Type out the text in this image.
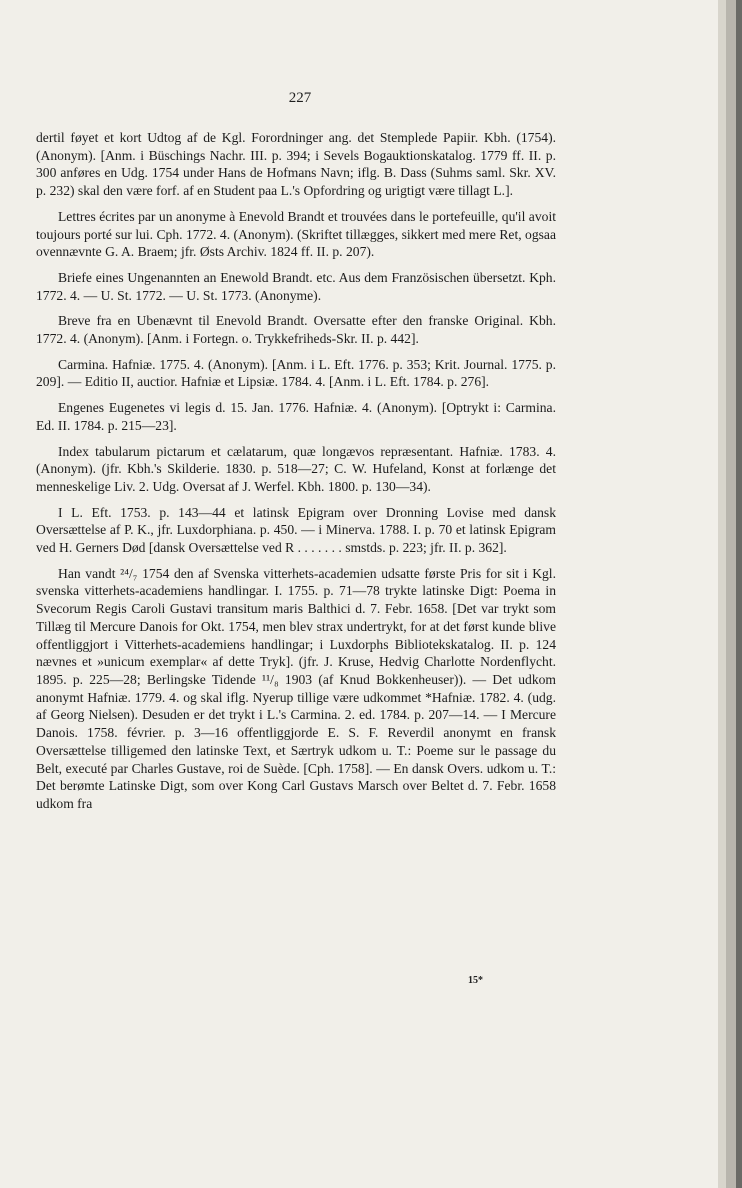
227

dertil føyet et kort Udtog af de Kgl. Forordninger ang. det Stemplede Papiir. Kbh. (1754). (Anonym). [Anm. i Büschings Nachr. III. p. 394; i Sevels Bogauktionskatalog. 1779 ff. II. p. 300 anføres en Udg. 1754 under Hans de Hofmans Navn; iflg. B. Dass (Suhms saml. Skr. XV. p. 232) skal den være forf. af en Student paa L.'s Opfordring og urigtigt være tillagt L.].

Lettres écrites par un anonyme à Enevold Brandt et trouvées dans le portefeuille, qu'il avoit toujours porté sur lui. Cph. 1772. 4. (Anonym). (Skriftet tillægges, sikkert med mere Ret, ogsaa ovennævnte G. A. Braem; jfr. Østs Archiv. 1824 ff. II. p. 207).

Briefe eines Ungenannten an Enewold Brandt. etc. Aus dem Französischen übersetzt. Kph. 1772. 4. — U. St. 1772. — U. St. 1773. (Anonyme).

Breve fra en Ubenævnt til Enevold Brandt. Oversatte efter den franske Original. Kbh. 1772. 4. (Anonym). [Anm. i Fortegn. o. Trykkefriheds-Skr. II. p. 442].

Carmina. Hafniæ. 1775. 4. (Anonym). [Anm. i L. Eft. 1776. p. 353; Krit. Journal. 1775. p. 209]. — Editio II, auctior. Hafniæ et Lipsiæ. 1784. 4. [Anm. i L. Eft. 1784. p. 276].

Engenes Eugenetes vi legis d. 15. Jan. 1776. Hafniæ. 4. (Anonym). [Optrykt i: Carmina. Ed. II. 1784. p. 215—23].

Index tabularum pictarum et cælatarum, quæ longævos repræsentant. Hafniæ. 1783. 4. (Anonym). (jfr. Kbh.'s Skilderie. 1830. p. 518—27; C. W. Hufeland, Konst at forlænge det menneskelige Liv. 2. Udg. Oversat af J. Werfel. Kbh. 1800. p. 130—34).

I L. Eft. 1753. p. 143—44 et latinsk Epigram over Dronning Lovise med dansk Oversættelse af P. K., jfr. Luxdorphiana. p. 450. — i Minerva. 1788. I. p. 70 et latinsk Epigram ved H. Gerners Død [dansk Oversættelse ved R . . . . . . . smstds. p. 223; jfr. II. p. 362].

Han vandt ²⁴/₇ 1754 den af Svenska vitterhets-academien udsatte første Pris for sit i Kgl. svenska vitterhets-academiens handlingar. I. 1755. p. 71—78 trykte latinske Digt: Poema in Svecorum Regis Caroli Gustavi transitum maris Balthici d. 7. Febr. 1658. [Det var trykt som Tillæg til Mercure Danois for Okt. 1754, men blev strax undertrykt, for at det først kunde blive offentliggjort i Vitterhets-academiens handlingar; i Luxdorphs Bibliotekskatalog. II. p. 124 nævnes et »unicum exemplar« af dette Tryk]. (jfr. J. Kruse, Hedvig Charlotte Nordenflycht. 1895. p. 225—28; Berlingske Tidende ¹¹/₈ 1903 (af Knud Bokkenheuser)). — Det udkom anonymt Hafniæ. 1779. 4. og skal iflg. Nyerup tillige være udkommet *Hafniæ. 1782. 4. (udg. af Georg Nielsen). Desuden er det trykt i L.'s Carmina. 2. ed. 1784. p. 207—14. — I Mercure Danois. 1758. février. p. 3—16 offentliggjorde E. S. F. Reverdil anonymt en fransk Oversættelse tilligemed den latinske Text, et Særtryk udkom u. T.: Poeme sur le passage du Belt, executé par Charles Gustave, roi de Suède. [Cph. 1758]. — En dansk Overs. udkom u. T.: Det berømte Latinske Digt, som over Kong Carl Gustavs Marsch over Beltet d. 7. Febr. 1658 udkom fra

15*
